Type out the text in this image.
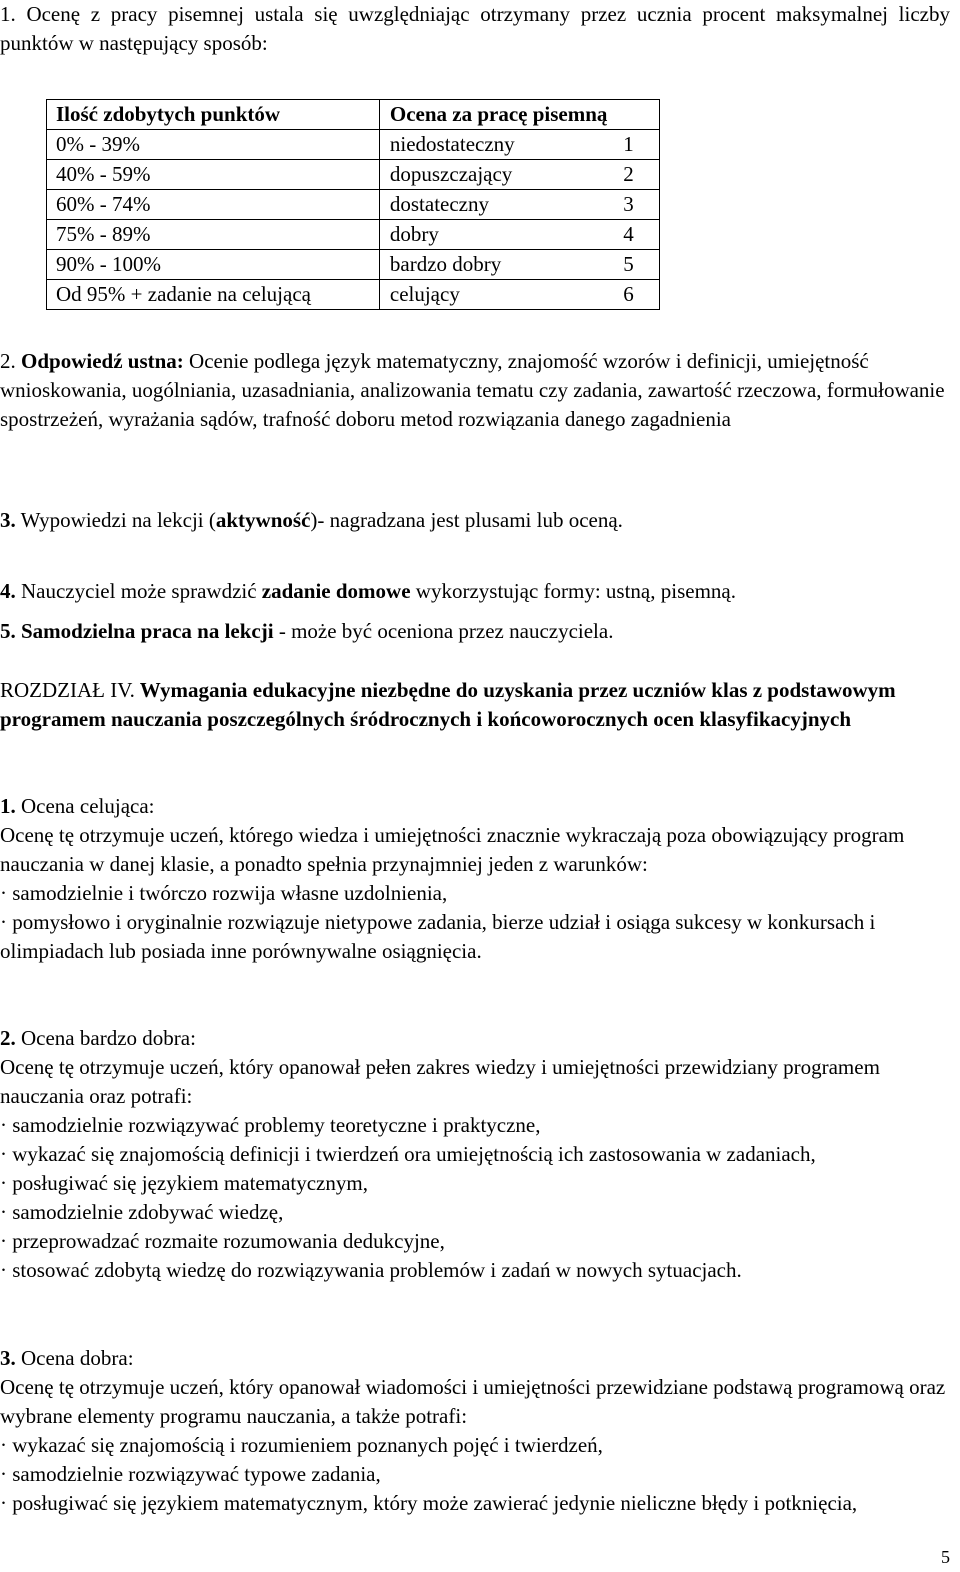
1. Ocenę z pracy pisemnej ustala się uwzględniając otrzymany przez ucznia procent maksymalnej liczby punktów w następujący sposób:

Ilość zdobytych punktów	Ocena za pracę pisemną	
0% - 39%	niedostateczny	1
40% - 59%	dopuszczający	2
60% - 74%	dostateczny	3
75% - 89%	dobry	4
90% - 100%	bardzo dobry	5
Od 95% + zadanie na celującą	celujący	6

2. Odpowiedź ustna: Ocenie podlega język matematyczny, znajomość wzorów i definicji, umiejętność wnioskowania, uogólniania, uzasadniania, analizowania tematu czy zadania, zawartość rzeczowa, formułowanie spostrzeżeń, wyrażania sądów, trafność doboru metod rozwiązania danego zagadnienia

3. Wypowiedzi na lekcji (aktywność)- nagradzana jest plusami lub oceną.

4. Nauczyciel może sprawdzić zadanie domowe wykorzystując formy: ustną, pisemną.

5. Samodzielna praca na lekcji - może być oceniona przez nauczyciela.

ROZDZIAŁ IV. Wymagania edukacyjne niezbędne do uzyskania przez uczniów klas z podstawowym programem nauczania poszczególnych śródrocznych i końcoworocznych ocen klasyfikacyjnych

1. Ocena celująca:

Ocenę tę otrzymuje uczeń, którego wiedza i umiejętności znacznie wykraczają poza obowiązujący program nauczania w danej klasie, a ponadto spełnia przynajmniej jeden z warunków:

· samodzielnie i twórczo rozwija własne uzdolnienia,

· pomysłowo i oryginalnie rozwiązuje nietypowe zadania, bierze udział i osiąga sukcesy w konkursach i olimpiadach lub posiada inne porównywalne osiągnięcia.

2. Ocena bardzo dobra:

Ocenę tę otrzymuje uczeń, który opanował pełen zakres wiedzy i umiejętności przewidziany programem nauczania oraz potrafi:

· samodzielnie rozwiązywać problemy teoretyczne i praktyczne,

· wykazać się znajomością definicji i twierdzeń ora umiejętnością ich zastosowania w zadaniach,

· posługiwać się językiem matematycznym,

· samodzielnie zdobywać wiedzę,

· przeprowadzać rozmaite rozumowania dedukcyjne,

· stosować zdobytą wiedzę do rozwiązywania problemów i zadań w nowych sytuacjach.

3. Ocena dobra:

Ocenę tę otrzymuje uczeń, który opanował wiadomości i umiejętności przewidziane podstawą programową oraz wybrane elementy programu nauczania, a także potrafi:

· wykazać się znajomością i rozumieniem poznanych pojęć i twierdzeń,

· samodzielnie rozwiązywać typowe zadania,

· posługiwać się językiem matematycznym, który może zawierać jedynie nieliczne błędy i potknięcia,

5
